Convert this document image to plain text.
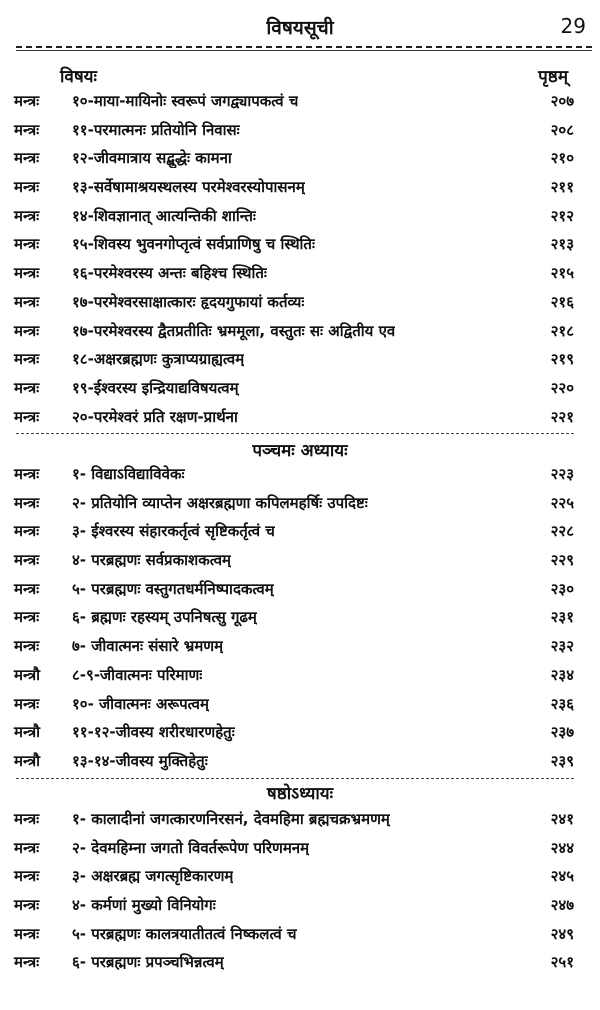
विषयसूची	29
विषयः	पृष्ठम्
मन्त्रः	१०-माया-मायिनोः स्वरूपं जगद्व्यापकत्वं च	२०७
मन्त्रः	११-परमात्मनः प्रतियोनि निवासः	२०८
मन्त्रः	१२-जीवमात्राय सद्बुद्धेः कामना	२१०
मन्त्रः	१३-सर्वेषामाश्रयस्थलस्य परमेश्वरस्योपासनम्	२११
मन्त्रः	१४-शिवज्ञानात् आत्यन्तिकी शान्तिः	२१२
मन्त्रः	१५-शिवस्य भुवनगोप्तृत्वं सर्वप्राणिषु च स्थितिः	२१३
मन्त्रः	१६-परमेश्वरस्य अन्तः बहिश्च स्थितिः	२१५
मन्त्रः	१७-परमेश्वरसाक्षात्कारः हृदयगुफायां कर्तव्यः	२१६
मन्त्रः	१७-परमेश्वरस्य द्वैतप्रतीतिः भ्रममूला, वस्तुतः सः अद्वितीय एव	२१८
मन्त्रः	१८-अक्षरब्रह्मणः कुत्राप्यग्राह्यत्वम्	२१९
मन्त्रः	१९-ईश्वरस्य इन्द्रियाद्यविषयत्वम्	२२०
मन्त्रः	२०-परमेश्वरं प्रति रक्षण-प्रार्थना	२२१
पञ्चमः अध्यायः
मन्त्रः	१- विद्याऽविद्याविवेकः	२२३
मन्त्रः	२- प्रतियोनि व्याप्तेन अक्षरब्रह्मणा कपिलमहर्षिः उपदिष्टः	२२५
मन्त्रः	३- ईश्वरस्य संहारकर्तृत्वं सृष्टिकर्तृत्वं च	२२८
मन्त्रः	४- परब्रह्मणः सर्वप्रकाशकत्वम्	२२९
मन्त्रः	५- परब्रह्मणः वस्तुगतधर्मनिष्पादकत्वम्	२३०
मन्त्रः	६- ब्रह्मणः रहस्यम् उपनिषत्सु गूढम्	२३१
मन्त्रः	७- जीवात्मनः संसारे भ्रमणम्	२३२
मन्त्रौ	८-९-जीवात्मनः परिमाणः	२३४
मन्त्रः	१०- जीवात्मनः अरूपत्वम्	२३६
मन्त्रौ	११-१२-जीवस्य शरीरधारणहेतुः	२३७
मन्त्रौ	१३-१४-जीवस्य मुक्तिहेतुः	२३९
षष्ठोऽध्यायः
मन्त्रः	१- कालादीनां जगत्कारणनिरसनं, देवमहिमा ब्रह्मचक्रभ्रमणम्	२४१
मन्त्रः	२- देवमहिम्ना जगतो विवर्तरूपेण परिणमनम्	२४४
मन्त्रः	३- अक्षरब्रह्म जगत्सृष्टिकारणम्	२४५
मन्त्रः	४- कर्मणां मुख्यो विनियोगः	२४७
मन्त्रः	५- परब्रह्मणः कालत्रयातीतत्वं निष्कलत्वं च	२४९
मन्त्रः	६- परब्रह्मणः प्रपञ्चभिन्नत्वम्	२५१
